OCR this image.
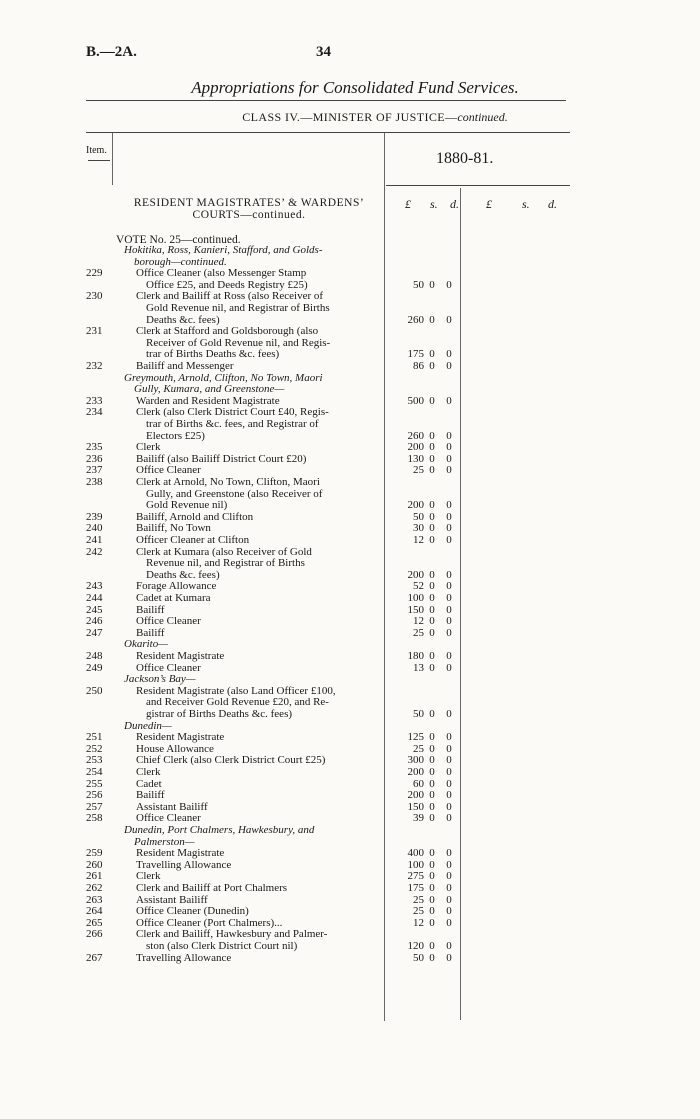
B.—2A.	34
Appropriations for Consolidated Fund Services.
CLASS IV.—MINISTER OF JUSTICE—continued.
Item.	1880-81.
RESIDENT MAGISTRATES’ & WARDENS’
COURTS—continued.
£ s. d. £	s. d.
VOTE No. 25—continued.
Hokitika, Ross, Kanieri, Stafford, and Golds-
borough—continued.
229	Office Cleaner (also Messenger Stamp
Office £25, and Deeds Registry £25)	50 0 0
230	Clerk and Bailiff at Ross (also Receiver of
Gold Revenue nil, and Registrar of Births
Deaths &c. fees)	260 0 0
231	Clerk at Stafford and Goldsborough (also
Receiver of Gold Revenue nil, and Regis-
trar of Births Deaths &c. fees)	175 0 0
232	Bailiff and Messenger	86 0 0
Greymouth, Arnold, Clifton, No Town, Maori
Gully, Kumara, and Greenstone—
233	Warden and Resident Magistrate	500 0 0
234	Clerk (also Clerk District Court £40, Regis-
trar of Births &c. fees, and Registrar of
Electors £25)	260 0 0
235	Clerk	200 0 0
236	Bailiff (also Bailiff District Court £20)	130 0 0
237	Office Cleaner	25 0 0
238	Clerk at Arnold, No Town, Clifton, Maori
Gully, and Greenstone (also Receiver of
Gold Revenue nil)	200 0 0
239	Bailiff, Arnold and Clifton	50 0 0
240	Bailiff, No Town	30 0 0
241	Officer Cleaner at Clifton	12 0 0
242	Clerk at Kumara (also Receiver of Gold
Revenue nil, and Registrar of Births
Deaths &c. fees)	200 0 0
243	Forage Allowance	52 0 0
244	Cadet at Kumara	100 0 0
245	Bailiff	150 0 0
246	Office Cleaner	12 0 0
247	Bailiff	25 0 0
Okarito—
248	Resident Magistrate	180 0 0
249	Office Cleaner	13 0 0
Jackson’s Bay—
250	Resident Magistrate (also Land Officer £100,
and Receiver Gold Revenue £20, and Re-
gistrar of Births Deaths &c. fees)	50 0 0
Dunedin—
251	Resident Magistrate	125 0 0
252	House Allowance	25 0 0
253	Chief Clerk (also Clerk District Court £25)	300 0 0
254	Clerk	200 0 0
255	Cadet	60 0 0
256	Bailiff	200 0 0
257	Assistant Bailiff	150 0 0
258	Office Cleaner	39 0 0
Dunedin, Port Chalmers, Hawkesbury, and
Palmerston—
259	Resident Magistrate	400 0 0
260	Travelling Allowance	100 0 0
261	Clerk	275 0 0
262	Clerk and Bailiff at Port Chalmers	175 0 0
263	Assistant Bailiff	25 0 0
264	Office Cleaner (Dunedin)	25 0 0
265	Office Cleaner (Port Chalmers)...	12 0 0
266	Clerk and Bailiff, Hawkesbury and Palmer-
ston (also Clerk District Court nil)	120 0 0
267	Travelling Allowance	50 0 0
